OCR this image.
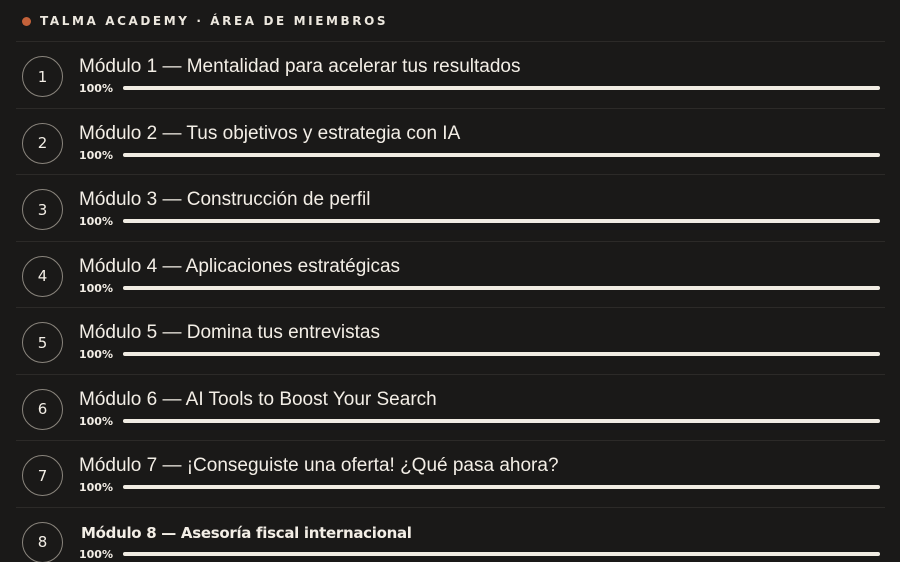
TALMA ACADEMY · ÁREA DE MIEMBROS
1	Módulo 1 — Mentalidad para acelerar tus resultados
100%
2	Módulo 2 — Tus objetivos y estrategia con IA
100%
3	Módulo 3 — Construcción de perfil
100%
4	Módulo 4 — Aplicaciones estratégicas
100%
5	Módulo 5 — Domina tus entrevistas
100%
6	Módulo 6 — AI Tools to Boost Your Search
100%
7	Módulo 7 — ¡Conseguiste una oferta! ¿Qué pasa ahora?
100%
8
Módulo 8 — Asesoría fiscal internacional
100%
